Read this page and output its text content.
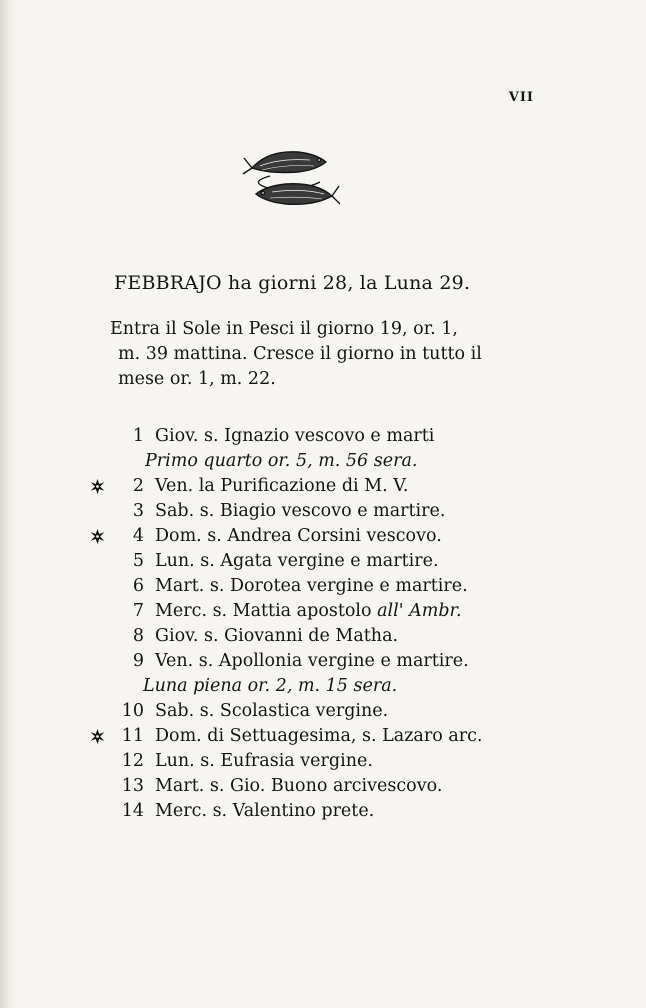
VII
FEBBRAJO ha giorni 28, la Luna 29.
Entra il Sole in Pesci il giorno 19, or. 1,
m. 39 mattina. Cresce il giorno in tutto il
mese or. 1, m. 22.
1 Giov. s. Ignazio vescovo e marti
Primo quarto or. 5, m. 56 sera.
2 Ven. la Purificazione di M. V.
3 Sab. s. Biagio vescovo e martire.
4 Dom. s. Andrea Corsini vescovo.
5 Lun. s. Agata vergine e martire.
6 Mart. s. Dorotea vergine e martire.
7 Merc. s. Mattia apostolo all' Ambr.
8 Giov. s. Giovanni de Matha.
9 Ven. s. Apollonia vergine e martire.
Luna piena or. 2, m. 15 sera.
10 Sab. s. Scolastica vergine.
11 Dom. di Settuagesima, s. Lazaro arc.
12 Lun. s. Eufrasia vergine.
13 Mart. s. Gio. Buono arcivescovo.
14 Merc. s. Valentino prete.
